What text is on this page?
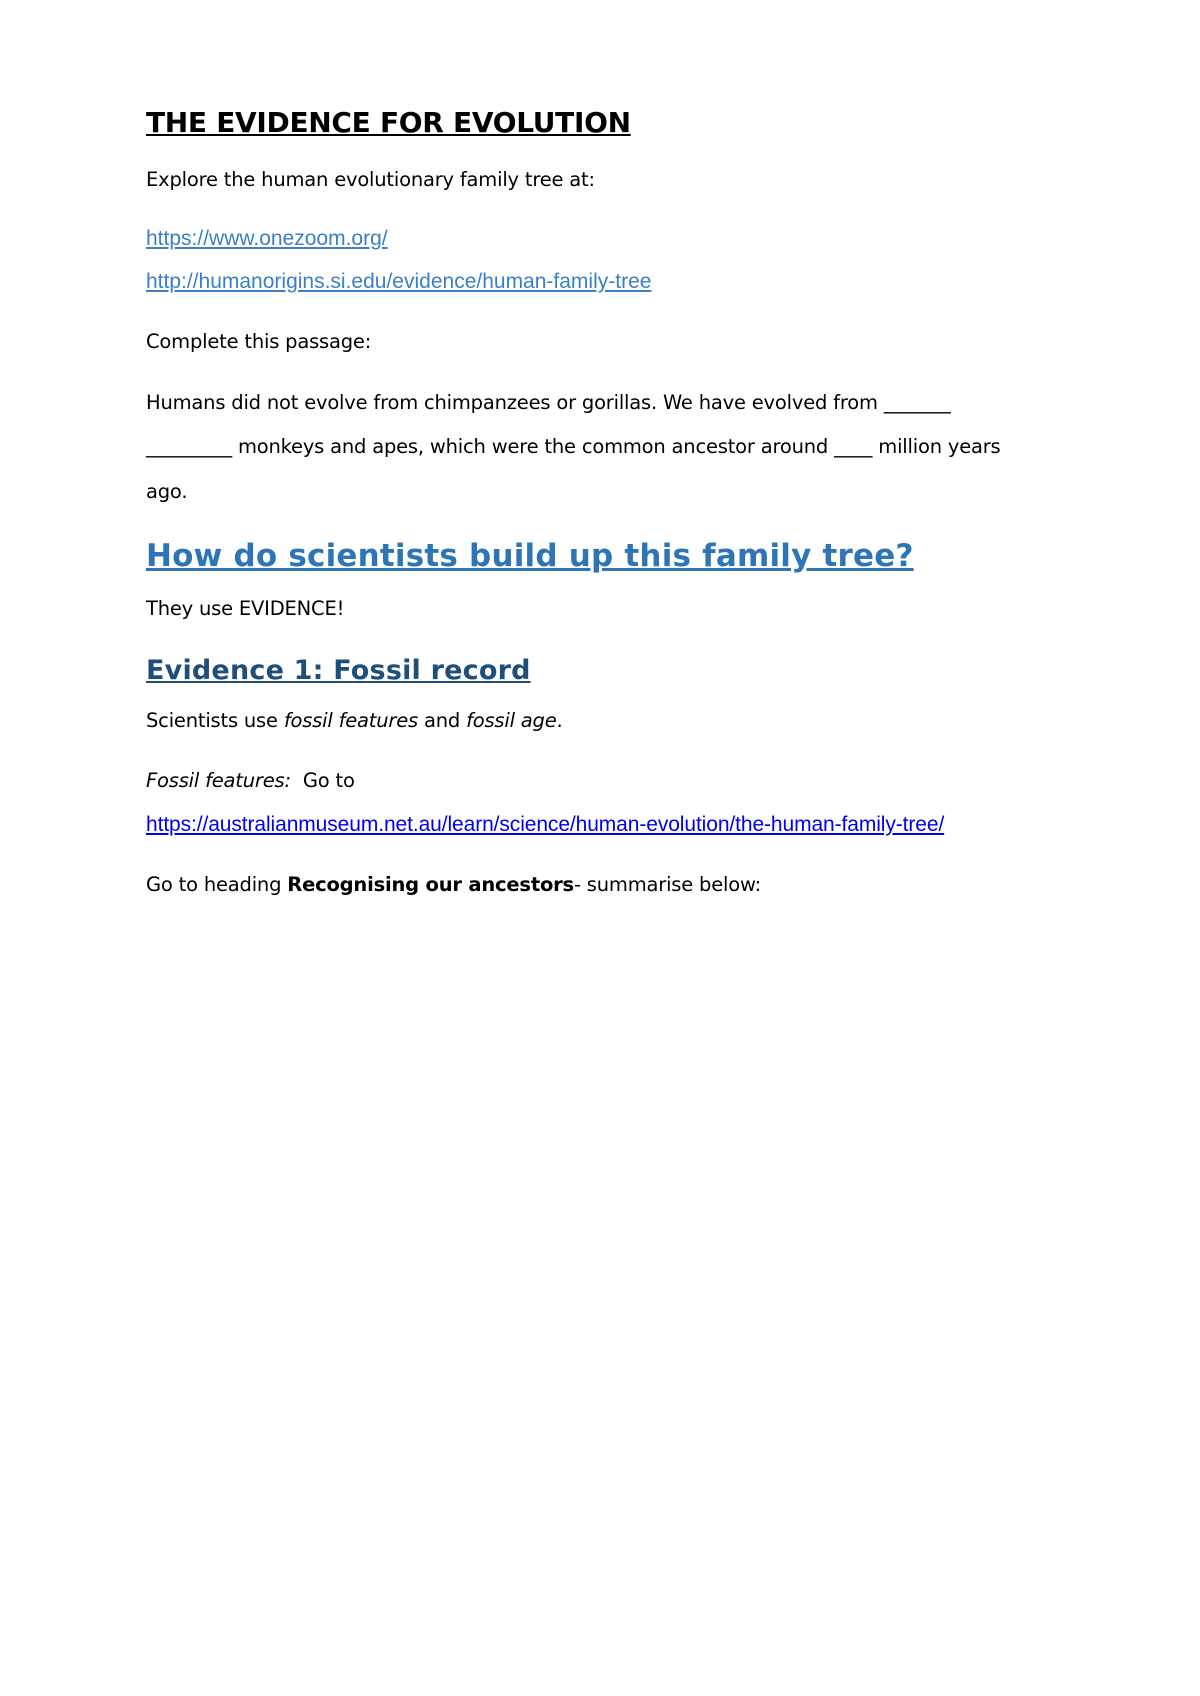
THE EVIDENCE FOR EVOLUTION
Explore the human evolutionary family tree at:
https://www.onezoom.org/
http://humanorigins.si.edu/evidence/human-family-tree
Complete this passage:
Humans did not evolve from chimpanzees or gorillas. We have evolved from _______
_________ monkeys and apes, which were the common ancestor around ____ million years
ago.
How do scientists build up this family tree?
They use EVIDENCE!
Evidence 1: Fossil record
Scientists use fossil features and fossil age.
Fossil features:  Go to
https://australianmuseum.net.au/learn/science/human-evolution/the-human-family-tree/
Go to heading Recognising our ancestors- summarise below:
